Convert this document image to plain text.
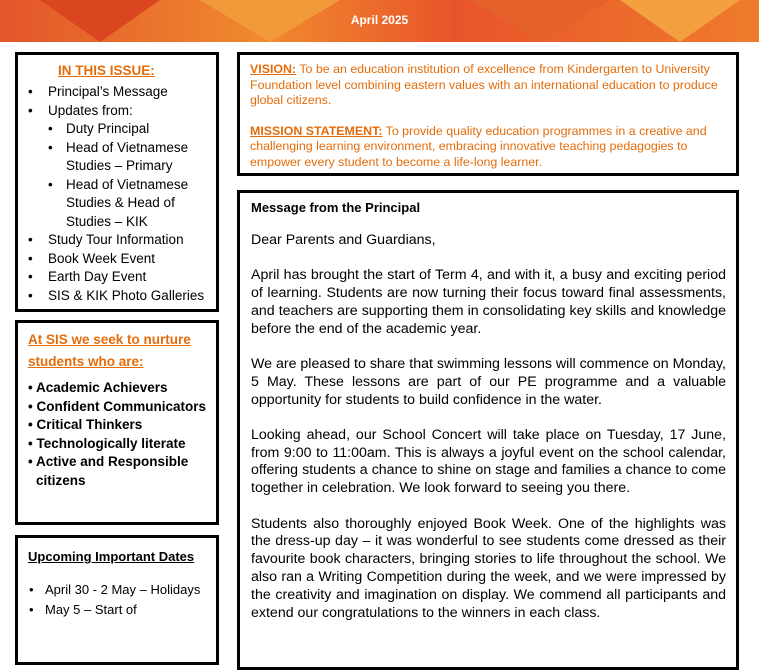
April 2025
IN THIS ISSUE:
• Principal’s Message
• Updates from:
• Duty Principal
• Head of Vietnamese Studies – Primary
• Head of Vietnamese Studies & Head of Studies – KIK
• Study Tour Information
• Book Week Event
• Earth Day Event
• SIS & KIK Photo Galleries
At SIS we seek to nurture students who are:
• Academic Achievers
• Confident Communicators
• Critical Thinkers
• Technologically literate
• Active and Responsible citizens
Upcoming Important Dates
• April 30 - 2 May – Holidays
• May 5 – Start of

VISION: To be an education institution of excellence from Kindergarten to University Foundation level combining eastern values with an international education to produce global citizens.

MISSION STATEMENT: To provide quality education programmes in a creative and challenging learning environment, embracing innovative teaching pedagogies to empower every student to become a life-long learner.

Message from the Principal

Dear Parents and Guardians,

April has brought the start of Term 4, and with it, a busy and exciting period of learning. Students are now turning their focus toward final assessments, and teachers are supporting them in consolidating key skills and knowledge before the end of the academic year.

We are pleased to share that swimming lessons will commence on Monday, 5 May. These lessons are part of our PE programme and a valuable opportunity for students to build confidence in the water.

Looking ahead, our School Concert will take place on Tuesday, 17 June, from 9:00 to 11:00am. This is always a joyful event on the school calendar, offering students a chance to shine on stage and families a chance to come together in celebration. We look forward to seeing you there.

Students also thoroughly enjoyed Book Week. One of the highlights was the dress-up day – it was wonderful to see students come dressed as their favourite book characters, bringing stories to life throughout the school. We also ran a Writing Competition during the week, and we were impressed by the creativity and imagination on display. We commend all participants and extend our congratulations to the winners in each class.
